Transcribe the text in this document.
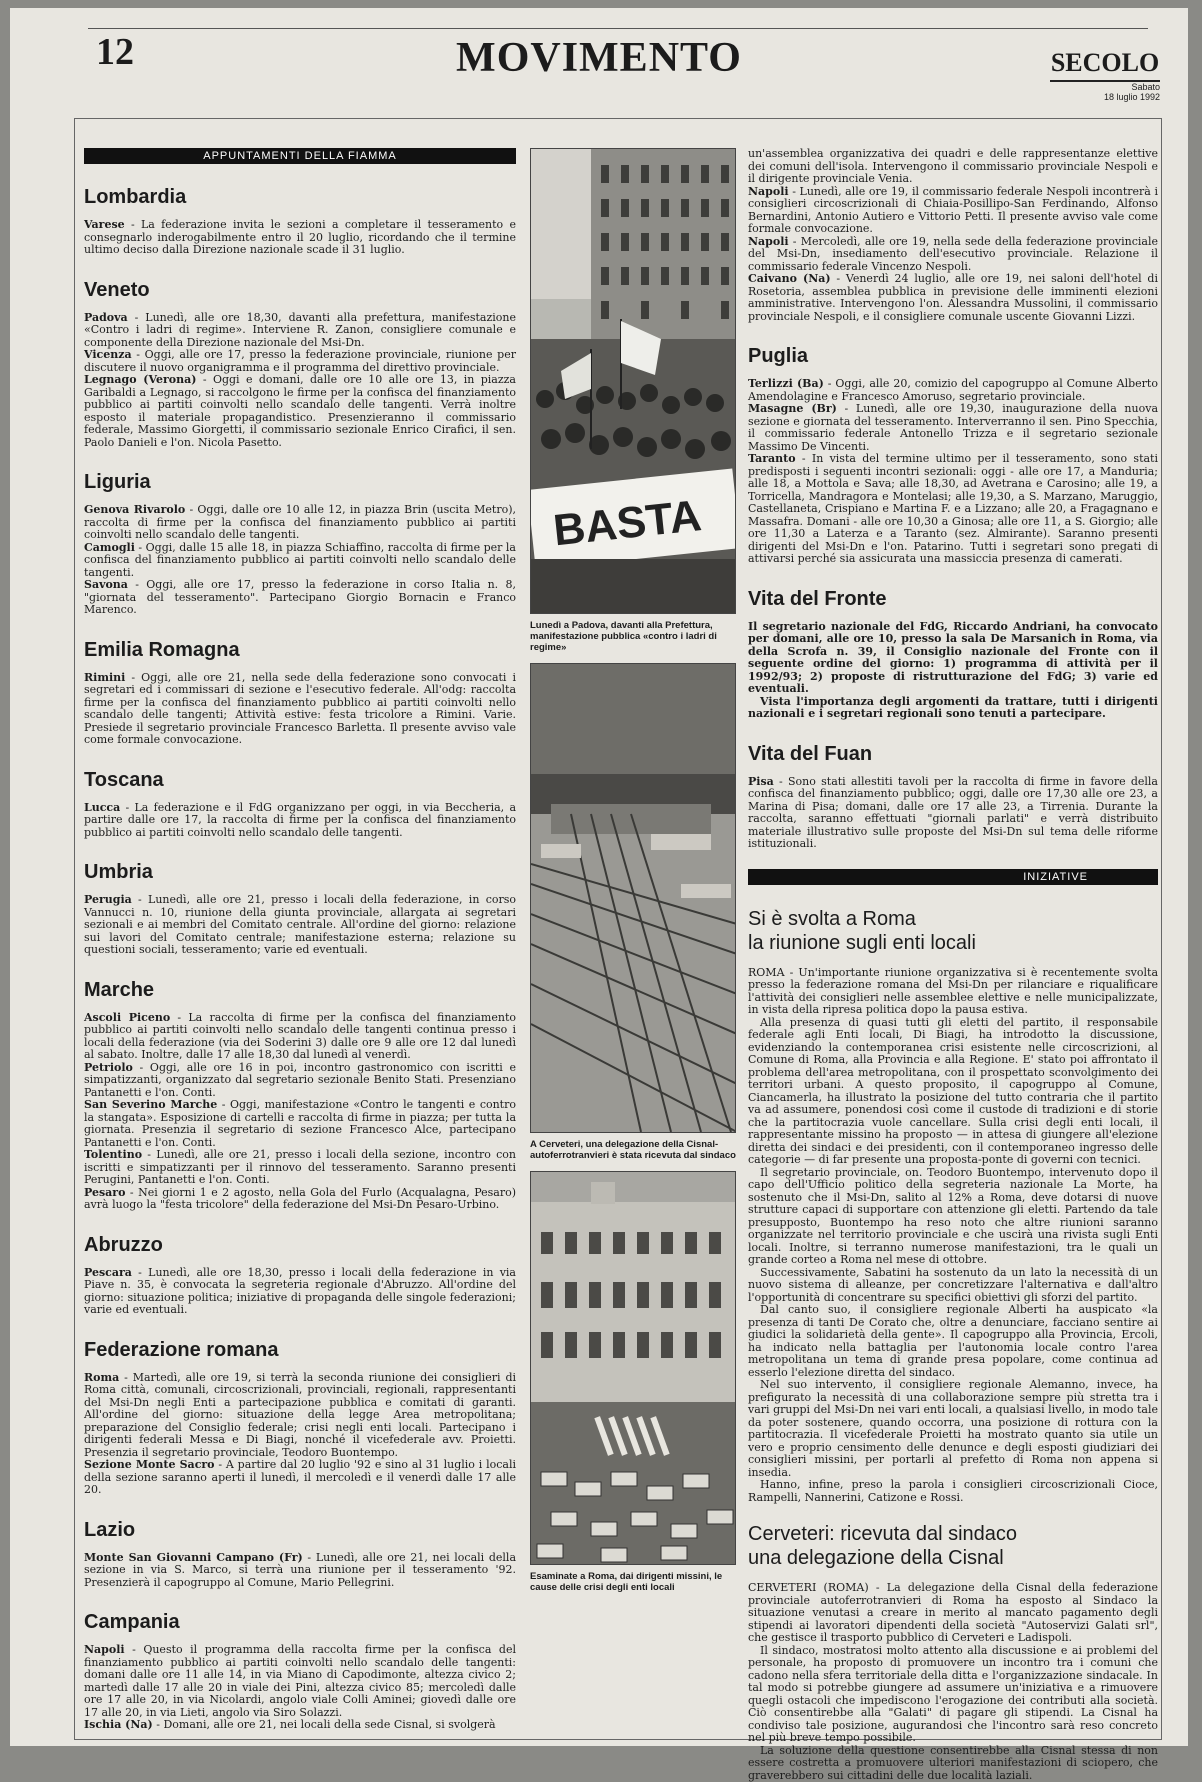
12	MOVIMENTO	SECOLO
Sabato
18 luglio 1992
APPUNTAMENTI DELLA FIAMMA
Lombardia

Varese - La federazione invita le sezioni a completare il tesseramento e consegnarlo inderogabilmente entro il 20 luglio, ricordando che il termine ultimo deciso dalla Direzione nazionale scade il 31 luglio.

Veneto

Padova - Lunedì, alle ore 18,30, davanti alla prefettura, manifestazione «Contro i ladri di regime». Interviene R. Zanon, consigliere comunale e componente della Direzione nazionale del Msi-Dn.

Vicenza - Oggi, alle ore 17, presso la federazione provinciale, riunione per discutere il nuovo organigramma e il programma del direttivo provinciale.

Legnago (Verona) - Oggi e domani, dalle ore 10 alle ore 13, in piazza Garibaldi a Legnago, si raccolgono le firme per la confisca del finanziamento pubblico ai partiti coinvolti nello scandalo delle tangenti. Verrà inoltre esposto il materiale propagandistico. Presenzieranno il commissario federale, Massimo Giorgetti, il commissario sezionale Enrico Cirafici, il sen. Paolo Danieli e l'on. Nicola Pasetto.

Liguria

Genova Rivarolo - Oggi, dalle ore 10 alle 12, in piazza Brin (uscita Metro), raccolta di firme per la confisca del finanziamento pubblico ai partiti coinvolti nello scandalo delle tangenti.

Camogli - Oggi, dalle 15 alle 18, in piazza Schiaffino, raccolta di firme per la confisca del finanziamento pubblico ai partiti coinvolti nello scandalo delle tangenti.

Savona - Oggi, alle ore 17, presso la federazione in corso Italia n. 8, "giornata del tesseramento". Partecipano Giorgio Bornacin e Franco Marenco.

Emilia Romagna

Rimini - Oggi, alle ore 21, nella sede della federazione sono convocati i segretari ed i commissari di sezione e l'esecutivo federale. All'odg: raccolta firme per la confisca del finanziamento pubblico ai partiti coinvolti nello scandalo delle tangenti; Attività estive: festa tricolore a Rimini. Varie. Presiede il segretario provinciale Francesco Barletta. Il presente avviso vale come formale convocazione.

Toscana

Lucca - La federazione e il FdG organizzano per oggi, in via Beccheria, a partire dalle ore 17, la raccolta di firme per la confisca del finanziamento pubblico ai partiti coinvolti nello scandalo delle tangenti.

Umbria

Perugia - Lunedì, alle ore 21, presso i locali della federazione, in corso Vannucci n. 10, riunione della giunta provinciale, allargata ai segretari sezionali e ai membri del Comitato centrale. All'ordine del giorno: relazione sui lavori del Comitato centrale; manifestazione esterna; relazione su questioni sociali, tesseramento; varie ed eventuali.

Marche

Ascoli Piceno - La raccolta di firme per la confisca del finanziamento pubblico ai partiti coinvolti nello scandalo delle tangenti continua presso i locali della federazione (via dei Soderini 3) dalle ore 9 alle ore 12 dal lunedì al sabato. Inoltre, dalle 17 alle 18,30 dal lunedì al venerdì.

Petriolo - Oggi, alle ore 16 in poi, incontro gastronomico con iscritti e simpatizzanti, organizzato dal segretario sezionale Benito Stati. Presenziano Pantanetti e l'on. Conti.

San Severino Marche - Oggi, manifestazione «Contro le tangenti e contro la stangata». Esposizione di cartelli e raccolta di firme in piazza; per tutta la giornata. Presenzia il segretario di sezione Francesco Alce, partecipano Pantanetti e l'on. Conti.

Tolentino - Lunedì, alle ore 21, presso i locali della sezione, incontro con iscritti e simpatizzanti per il rinnovo del tesseramento. Saranno presenti Perugini, Pantanetti e l'on. Conti.

Pesaro - Nei giorni 1 e 2 agosto, nella Gola del Furlo (Acqualagna, Pesaro) avrà luogo la "festa tricolore" della federazione del Msi-Dn Pesaro-Urbino.

Abruzzo

Pescara - Lunedì, alle ore 18,30, presso i locali della federazione in via Piave n. 35, è convocata la segreteria regionale d'Abruzzo. All'ordine del giorno: situazione politica; iniziative di propaganda delle singole federazioni; varie ed eventuali.

Federazione romana

Roma - Martedì, alle ore 19, si terrà la seconda riunione dei consiglieri di Roma città, comunali, circoscrizionali, provinciali, regionali, rappresentanti del Msi-Dn negli Enti a partecipazione pubblica e comitati di garanti. All'ordine del giorno: situazione della legge Area metropolitana; preparazione del Consiglio federale; crisi negli enti locali. Partecipano i dirigenti federali Messa e Di Biagi, nonché il vicefederale avv. Proietti. Presenzia il segretario provinciale, Teodoro Buontempo.

Sezione Monte Sacro - A partire dal 20 luglio '92 e sino al 31 luglio i locali della sezione saranno aperti il lunedì, il mercoledì e il venerdì dalle 17 alle 20.

Lazio

Monte San Giovanni Campano (Fr) - Lunedì, alle ore 21, nei locali della sezione in via S. Marco, si terrà una riunione per il tesseramento '92. Presenzierà il capogruppo al Comune, Mario Pellegrini.

Campania

Napoli - Questo il programma della raccolta firme per la confisca del finanziamento pubblico ai partiti coinvolti nello scandalo delle tangenti: domani dalle ore 11 alle 14, in via Miano di Capodimonte, altezza civico 2; martedì dalle 17 alle 20 in viale dei Pini, altezza civico 85; mercoledì dalle ore 17 alle 20, in via Nicolardi, angolo viale Colli Aminei; giovedì dalle ore 17 alle 20, in via Lieti, angolo via Siro Solazzi.

Ischia (Na) - Domani, alle ore 21, nei locali della sede Cisnal, si svolgerà

BASTA

Lunedì a Padova, davanti alla Prefettura, manifestazione pubblica «contro i ladri di regime»

A Cerveteri, una delegazione della Cisnal-autoferrotranvieri è stata ricevuta dal sindaco

Esaminate a Roma, dai dirigenti missini, le cause delle crisi degli enti locali

un'assemblea organizzativa dei quadri e delle rappresentanze elettive dei comuni dell'isola. Intervengono il commissario provinciale Nespoli e il dirigente provinciale Venia.

Napoli - Lunedì, alle ore 19, il commissario federale Nespoli incontrerà i consiglieri circoscrizionali di Chiaia-Posillipo-San Ferdinando, Alfonso Bernardini, Antonio Autiero e Vittorio Petti. Il presente avviso vale come formale convocazione.

Napoli - Mercoledì, alle ore 19, nella sede della federazione provinciale del Msi-Dn, insediamento dell'esecutivo provinciale. Relazione il commissario federale Vincenzo Nespoli.

Caivano (Na) - Venerdì 24 luglio, alle ore 19, nei saloni dell'hotel di Rosetoria, assemblea pubblica in previsione delle imminenti elezioni amministrative. Intervengono l'on. Alessandra Mussolini, il commissario provinciale Nespoli, e il consigliere comunale uscente Giovanni Lizzi.

Puglia

Terlizzi (Ba) - Oggi, alle 20, comizio del capogruppo al Comune Alberto Amendolagine e Francesco Amoruso, segretario provinciale.

Masagne (Br) - Lunedì, alle ore 19,30, inaugurazione della nuova sezione e giornata del tesseramento. Interverranno il sen. Pino Specchia, il commissario federale Antonello Trizza e il segretario sezionale Massimo De Vincenti.

Taranto - In vista del termine ultimo per il tesseramento, sono stati predisposti i seguenti incontri sezionali: oggi - alle ore 17, a Manduria; alle 18, a Mottola e Sava; alle 18,30, ad Avetrana e Carosino; alle 19, a Torricella, Mandragora e Montelasi; alle 19,30, a S. Marzano, Maruggio, Castellaneta, Crispiano e Martina F. e a Lizzano; alle 20, a Fragagnano e Massafra. Domani - alle ore 10,30 a Ginosa; alle ore 11, a S. Giorgio; alle ore 11,30 a Laterza e a Taranto (sez. Almirante). Saranno presenti dirigenti del Msi-Dn e l'on. Patarino. Tutti i segretari sono pregati di attivarsi perché sia assicurata una massiccia presenza di camerati.

Vita del Fronte

Il segretario nazionale del FdG, Riccardo Andriani, ha convocato per domani, alle ore 10, presso la sala De Marsanich in Roma, via della Scrofa n. 39, il Consiglio nazionale del Fronte con il seguente ordine del giorno: 1) programma di attività per il 1992/93; 2) proposte di ristrutturazione del FdG; 3) varie ed eventuali.

Vista l'importanza degli argomenti da trattare, tutti i dirigenti nazionali e i segretari regionali sono tenuti a partecipare.

Vita del Fuan

Pisa - Sono stati allestiti tavoli per la raccolta di firme in favore della confisca del finanziamento pubblico; oggi, dalle ore 17,30 alle ore 23, a Marina di Pisa; domani, dalle ore 17 alle 23, a Tirrenia. Durante la raccolta, saranno effettuati "giornali parlati" e verrà distribuito materiale illustrativo sulle proposte del Msi-Dn sul tema delle riforme istituzionali.

INIZIATIVE
Si è svolta a Roma
la riunione sugli enti locali

ROMA - Un'importante riunione organizzativa si è recentemente svolta presso la federazione romana del Msi-Dn per rilanciare e riqualificare l'attività dei consiglieri nelle assemblee elettive e nelle municipalizzate, in vista della ripresa politica dopo la pausa estiva.

Alla presenza di quasi tutti gli eletti del partito, il responsabile federale agli Enti locali, Di Biagi, ha introdotto la discussione, evidenziando la contemporanea crisi esistente nelle circoscrizioni, al Comune di Roma, alla Provincia e alla Regione. E' stato poi affrontato il problema dell'area metropolitana, con il prospettato sconvolgimento dei territori urbani. A questo proposito, il capogruppo al Comune, Ciancamerla, ha illustrato la posizione del tutto contraria che il partito va ad assumere, ponendosi così come il custode di tradizioni e di storie che la partitocrazia vuole cancellare. Sulla crisi degli enti locali, il rappresentante missino ha proposto — in attesa di giungere all'elezione diretta dei sindaci e dei presidenti, con il contemporaneo ingresso delle categorie — di far presente una proposta-ponte di governi con tecnici.

Il segretario provinciale, on. Teodoro Buontempo, intervenuto dopo il capo dell'Ufficio politico della segreteria nazionale La Morte, ha sostenuto che il Msi-Dn, salito al 12% a Roma, deve dotarsi di nuove strutture capaci di supportare con attenzione gli eletti. Partendo da tale presupposto, Buontempo ha reso noto che altre riunioni saranno organizzate nel territorio provinciale e che uscirà una rivista sugli Enti locali. Inoltre, si terranno numerose manifestazioni, tra le quali un grande corteo a Roma nel mese di ottobre.

Successivamente, Sabatini ha sostenuto da un lato la necessità di un nuovo sistema di alleanze, per concretizzare l'alternativa e dall'altro l'opportunità di concentrare su specifici obiettivi gli sforzi del partito.

Dal canto suo, il consigliere regionale Alberti ha auspicato «la presenza di tanti De Corato che, oltre a denunciare, facciano sentire ai giudici la solidarietà della gente». Il capogruppo alla Provincia, Ercoli, ha indicato nella battaglia per l'autonomia locale contro l'area metropolitana un tema di grande presa popolare, come continua ad esserlo l'elezione diretta del sindaco.

Nel suo intervento, il consigliere regionale Alemanno, invece, ha prefigurato la necessità di una collaborazione sempre più stretta tra i vari gruppi del Msi-Dn nei vari enti locali, a qualsiasi livello, in modo tale da poter sostenere, quando occorra, una posizione di rottura con la partitocrazia. Il vicefederale Proietti ha mostrato quanto sia utile un vero e proprio censimento delle denunce e degli esposti giudiziari dei consiglieri missini, per portarli al prefetto di Roma non appena si insedia.

Hanno, infine, preso la parola i consiglieri circoscrizionali Cioce, Rampelli, Nannerini, Catizone e Rossi.

Cerveteri: ricevuta dal sindaco
una delegazione della Cisnal

CERVETERI (ROMA) - La delegazione della Cisnal della federazione provinciale autoferrotranvieri di Roma ha esposto al Sindaco la situazione venutasi a creare in merito al mancato pagamento degli stipendi ai lavoratori dipendenti della società "Autoservizi Galati srl", che gestisce il trasporto pubblico di Cerveteri e Ladispoli.

Il sindaco, mostratosi molto attento alla discussione e ai problemi del personale, ha proposto di promuovere un incontro tra i comuni che cadono nella sfera territoriale della ditta e l'organizzazione sindacale. In tal modo si potrebbe giungere ad assumere un'iniziativa e a rimuovere quegli ostacoli che impediscono l'erogazione dei contributi alla società. Ciò consentirebbe alla "Galati" di pagare gli stipendi. La Cisnal ha condiviso tale posizione, augurandosi che l'incontro sarà reso concreto nel più breve tempo possibile.

La soluzione della questione consentirebbe alla Cisnal stessa di non essere costretta a promuovere ulteriori manifestazioni di sciopero, che graverebbero sui cittadini delle due località laziali.
